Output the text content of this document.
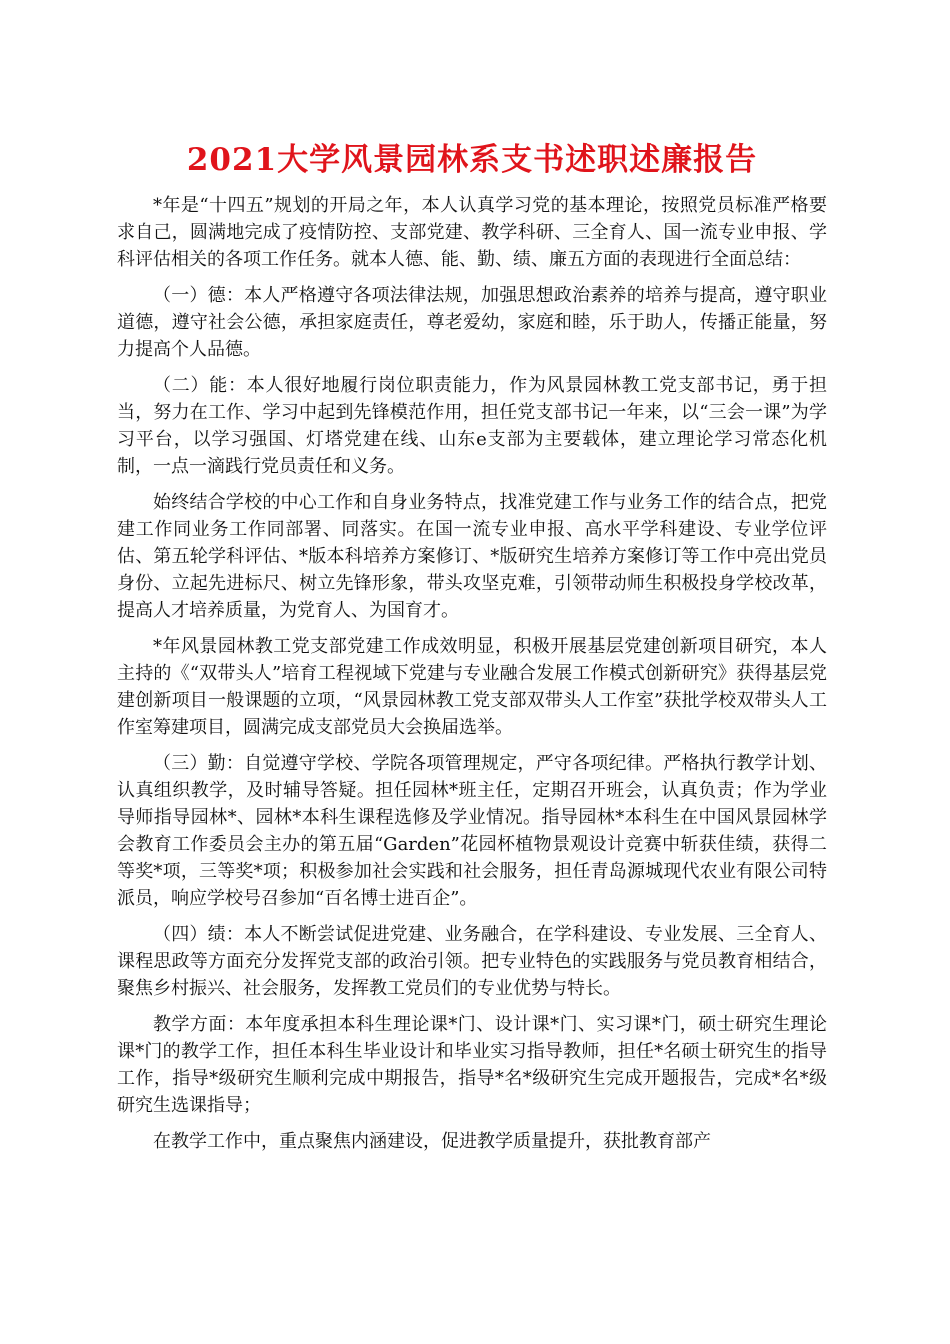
2021大学风景园林系支书述职述廉报告

*年是“十四五”规划的开局之年，本人认真学习党的基本理论，按照党员标准严格要求自己，圆满地完成了疫情防控、支部党建、教学科研、三全育人、国一流专业申报、学科评估相关的各项工作任务。就本人德、能、勤、绩、廉五方面的表现进行全面总结：

（一）德：本人严格遵守各项法律法规，加强思想政治素养的培养与提高，遵守职业道德，遵守社会公德，承担家庭责任，尊老爱幼，家庭和睦，乐于助人，传播正能量，努力提高个人品德。

（二）能：本人很好地履行岗位职责能力，作为风景园林教工党支部书记，勇于担当，努力在工作、学习中起到先锋模范作用，担任党支部书记一年来，以“三会一课”为学习平台，以学习强国、灯塔党建在线、山东e支部为主要载体，建立理论学习常态化机制，一点一滴践行党员责任和义务。

始终结合学校的中心工作和自身业务特点，找准党建工作与业务工作的结合点，把党建工作同业务工作同部署、同落实。在国一流专业申报、高水平学科建设、专业学位评估、第五轮学科评估、*版本科培养方案修订、*版研究生培养方案修订等工作中亮出党员身份、立起先进标尺、树立先锋形象，带头攻坚克难，引领带动师生积极投身学校改革，提高人才培养质量，为党育人、为国育才。

*年风景园林教工党支部党建工作成效明显，积极开展基层党建创新项目研究，本人主持的《“双带头人”培育工程视域下党建与专业融合发展工作模式创新研究》获得基层党建创新项目一般课题的立项，“风景园林教工党支部双带头人工作室”获批学校双带头人工作室筹建项目，圆满完成支部党员大会换届选举。

（三）勤：自觉遵守学校、学院各项管理规定，严守各项纪律。严格执行教学计划、认真组织教学，及时辅导答疑。担任园林*班主任，定期召开班会，认真负责；作为学业导师指导园林*、园林*本科生课程选修及学业情况。指导园林*本科生在中国风景园林学会教育工作委员会主办的第五届“Garden”花园杯植物景观设计竞赛中斩获佳绩，获得二等奖*项，三等奖*项；积极参加社会实践和社会服务，担任青岛源城现代农业有限公司特派员，响应学校号召参加“百名博士进百企”。

（四）绩：本人不断尝试促进党建、业务融合，在学科建设、专业发展、三全育人、课程思政等方面充分发挥党支部的政治引领。把专业特色的实践服务与党员教育相结合，聚焦乡村振兴、社会服务，发挥教工党员们的专业优势与特长。

教学方面：本年度承担本科生理论课*门、设计课*门、实习课*门，硕士研究生理论课*门的教学工作，担任本科生毕业设计和毕业实习指导教师，担任*名硕士研究生的指导工作，指导*级研究生顺利完成中期报告，指导*名*级研究生完成开题报告，完成*名*级研究生选课指导；

在教学工作中，重点聚焦内涵建设，促进教学质量提升，获批教育部产
